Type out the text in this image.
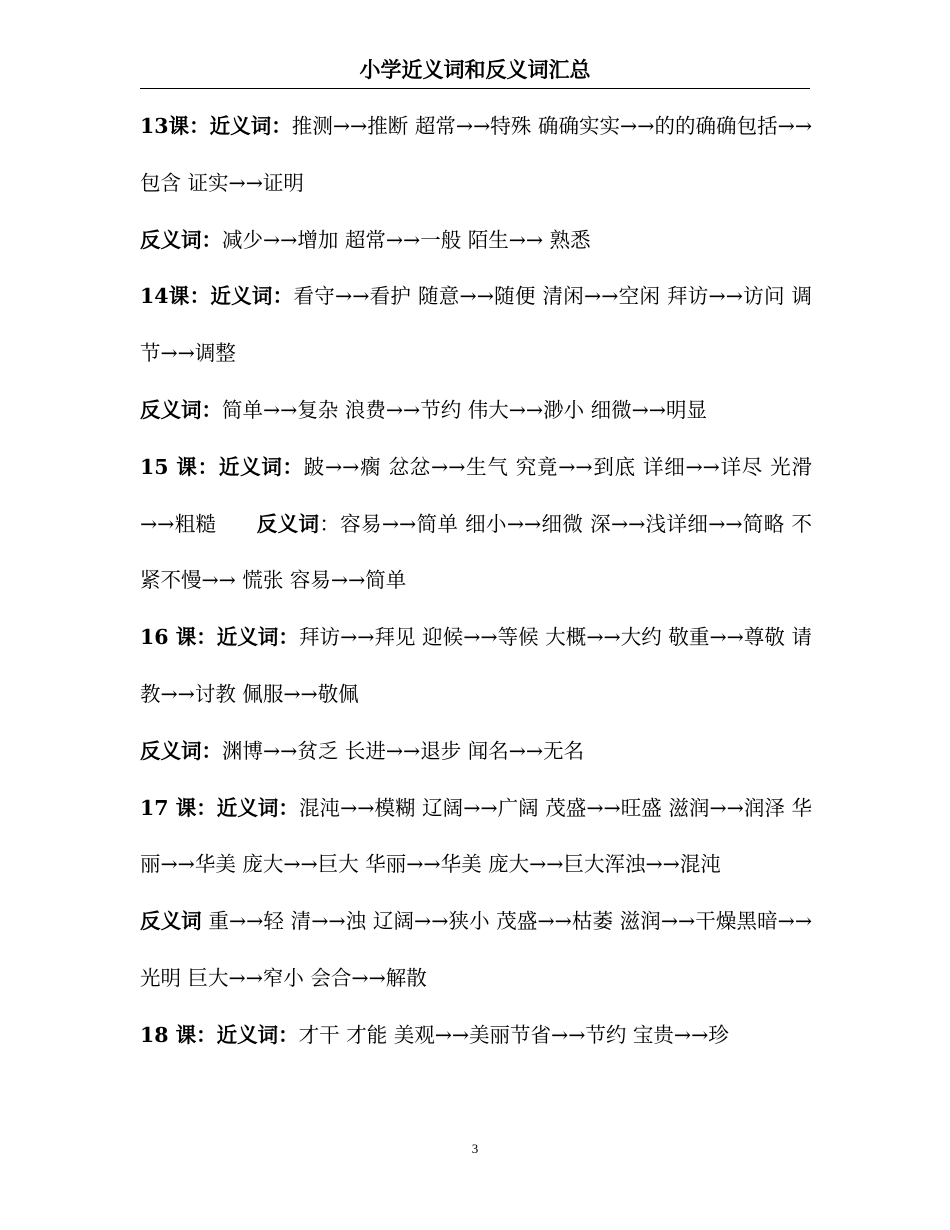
小学近义词和反义词汇总

13课：近义词：推测→→推断 超常→→特殊 确确实实→→的的确确包括→→包含 证实→→证明

反义词：减少→→增加 超常→→一般 陌生→→ 熟悉

14课：近义词：看守→→看护 随意→→随便 清闲→→空闲 拜访→→访问 调节→→调整

反义词：简单→→复杂 浪费→→节约 伟大→→渺小 细微→→明显

15 课：近义词：跛→→瘸 忿忿→→生气 究竟→→到底 详细→→详尽 光滑→→粗糙 反义词：容易→→简单 细小→→细微 深→→浅详细→→简略 不紧不慢→→ 慌张 容易→→简单

16 课：近义词：拜访→→拜见 迎候→→等候 大概→→大约 敬重→→尊敬 请教→→讨教 佩服→→敬佩

反义词：渊博→→贫乏 长进→→退步 闻名→→无名

17 课：近义词：混沌→→模糊 辽阔→→广阔 茂盛→→旺盛 滋润→→润泽 华丽→→华美 庞大→→巨大 华丽→→华美 庞大→→巨大浑浊→→混沌

反义词 重→→轻 清→→浊 辽阔→→狭小 茂盛→→枯萎 滋润→→干燥黑暗→→光明 巨大→→窄小 会合→→解散

18 课：近义词：才干 才能 美观→→美丽节省→→节约 宝贵→→珍

3
